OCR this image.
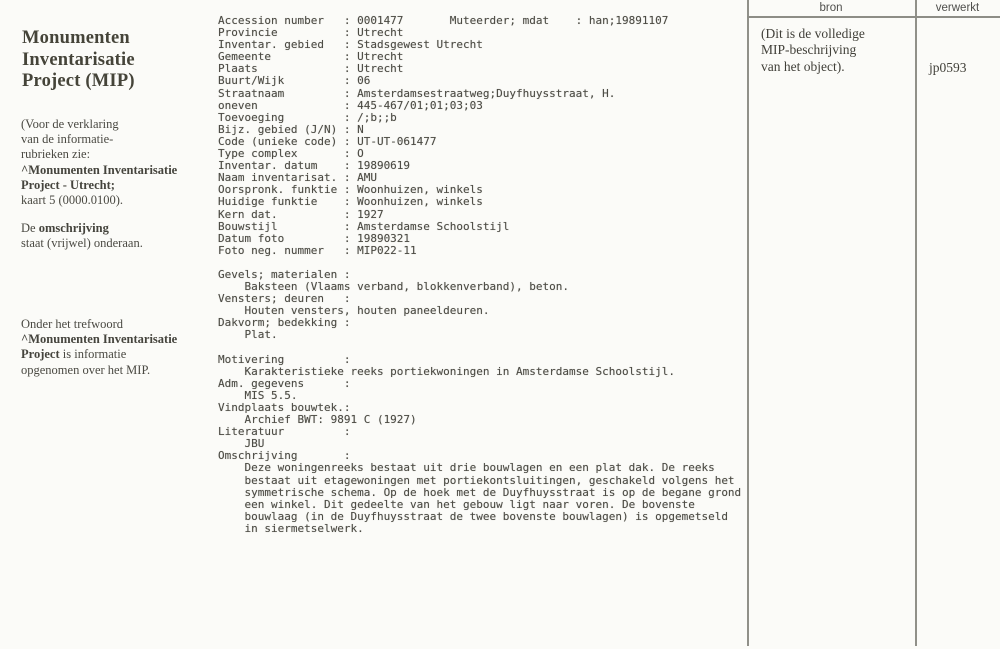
Monumenten
Inventarisatie
Project (MIP)
(Voor de verklaring
van de informatie-
rubrieken zie:
^Monumenten Inventarisatie
Project - Utrecht;
kaart 5 (0000.0100).
De omschrijving
staat (vrijwel) onderaan.
Onder het trefwoord
^Monumenten Inventarisatie
Project is informatie
opgenomen over het MIP.
Accession number   : 0001477       Muteerder; mdat    : han;19891107
Provincie          : Utrecht
Inventar. gebied   : Stadsgewest Utrecht
Gemeente           : Utrecht
Plaats             : Utrecht
Buurt/Wijk         : 06
Straatnaam         : Amsterdamsestraatweg;Duyfhuysstraat, H.
oneven             : 445-467/01;01;03;03
Toevoeging         : /;b;;b
Bijz. gebied (J/N) : N
Code (unieke code) : UT-UT-061477
Type complex       : O
Inventar. datum    : 19890619
Naam inventarisat. : AMU
Oorspronk. funktie : Woonhuizen, winkels
Huidige funktie    : Woonhuizen, winkels
Kern dat.          : 1927
Bouwstijl          : Amsterdamse Schoolstijl
Datum foto         : 19890321
Foto neg. nummer   : MIP022-11

Gevels; materialen :
Baksteen (Vlaams verband, blokkenverband), beton.
Vensters; deuren   :
Houten vensters, houten paneeldeuren.
Dakvorm; bedekking :
Plat.

Motivering         :
Karakteristieke reeks portiekwoningen in Amsterdamse Schoolstijl.
Adm. gegevens      :
MIS 5.5.
Vindplaats bouwtek.:
Archief BWT: 9891 C (1927)
Literatuur         :
JBU
Omschrijving       :
Deze woningenreeks bestaat uit drie bouwlagen en een plat dak. De reeks
bestaat uit etagewoningen met portiekontsluitingen, geschakeld volgens het
symmetrische schema. Op de hoek met de Duyfhuysstraat is op de begane grond
een winkel. Dit gedeelte van het gebouw ligt naar voren. De bovenste
bouwlaag (in de Duyfhuysstraat de twee bovenste bouwlagen) is opgemetseld
in siermetselwerk.
bron	verwerkt
(Dit is de volledige
MIP-beschrijving
van het object).	jp0593
